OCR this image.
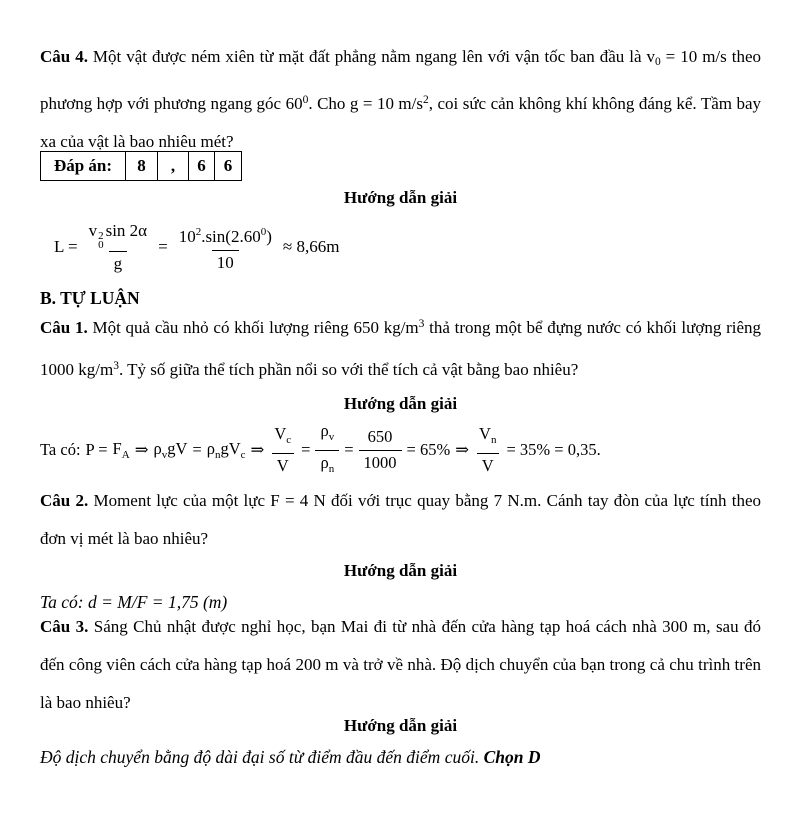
Câu 4. Một vật được ném xiên từ mặt đất phẳng nằm ngang lên với vận tốc ban đầu là v0 = 10 m/s theo phương hợp với phương ngang góc $60^0$. Cho g = 10 $m/s^2$, coi sức cản không khí không đáng kể. Tầm bay xa của vật là bao nhiêu mét?

Đáp án:	8	,	6	6
Hướng dẫn giải
L = v 2
0
sin 2α
$g = \frac{10^2.\sin(2.60^0)}{10} \approx 8,66m$
B. TỰ LUẬN

Câu 1. Một quả cầu nhỏ có khối lượng riêng 650 $kg/m^3$ thả trong một bể đựng nước có khối lượng riêng 1000 $kg/m^3$. Tỷ số giữa thể tích phần nổi so với thể tích cả vật bằng bao nhiêu?

Hướng dẫn giải
Ta có: $P = F_A$ ⇒ $\rho_vgV = \rho_ngV_c$ ⇒ $\frac{V_c}{V} = \frac{\rho_v}{\rho_n} = \frac{650}{1000} = 65\%$ ⇒ $\frac{V_n}{V} = 35\% = 0,35$.

Câu 2. Moment lực của một lực F = 4 N đối với trục quay bằng 7 N.m. Cánh tay đòn của lực tính theo đơn vị mét là bao nhiêu?

Hướng dẫn giải
Ta có: d = M/F = 1,75 (m)

Câu 3. Sáng Chủ nhật được nghỉ học, bạn Mai đi từ nhà đến cửa hàng tạp hoá cách nhà 300 m, sau đó đến công viên cách cửa hàng tạp hoá 200 m và trở về nhà. Độ dịch chuyển của bạn trong cả chu trình trên là bao nhiêu?

Hướng dẫn giải
Độ dịch chuyển bằng độ dài đại số từ điểm đầu đến điểm cuối. Chọn D
